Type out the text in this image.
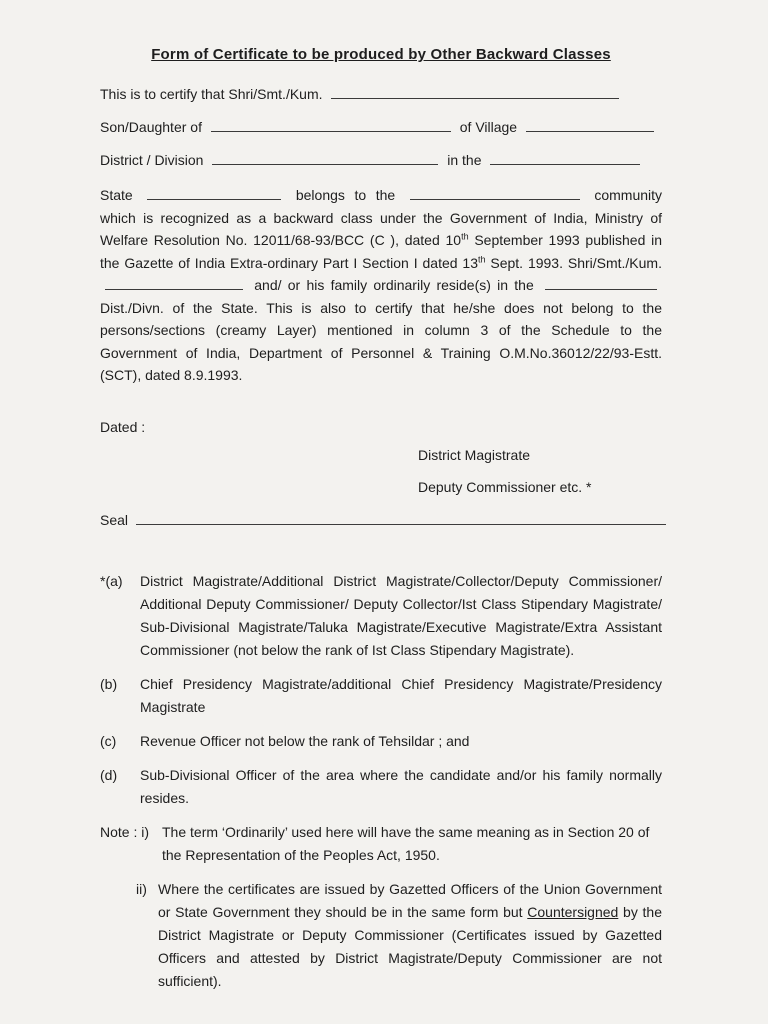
Form of Certificate to be produced by Other Backward Classes

This is to certify that Shri/Smt./Kum.

Son/Daughter of	of Village

District / Division	in the

State	belongs to the	community which is recognized as a backward class under the Government of India, Ministry of Welfare Resolution No. 12011/68-93/BCC (C ), dated 10th September 1993 published in the Gazette of India Extra-ordinary Part I Section I dated 13th Sept. 1993. Shri/Smt./Kum.  and/ or his family ordinarily reside(s) in the  Dist./Divn. of the State. This is also to certify that he/she does not belong to the persons/sections (creamy Layer) mentioned in column 3 of the Schedule to the Government of India, Department of Personnel & Training O.M.No.36012/22/93-Estt.(SCT), dated 8.9.1993.

Dated :

District Magistrate

Deputy Commissioner etc. *

Seal
*(a)	District Magistrate/Additional District Magistrate/Collector/Deputy Commissioner/ Additional Deputy Commissioner/ Deputy Collector/Ist Class Stipendary Magistrate/ Sub-Divisional Magistrate/Taluka Magistrate/Executive Magistrate/Extra Assistant Commissioner (not below the rank of Ist Class Stipendary Magistrate).
(b)	Chief Presidency Magistrate/additional Chief Presidency Magistrate/Presidency Magistrate
(c)	Revenue Officer not below the rank of Tehsildar ; and
(d)	Sub-Divisional Officer of the area where the candidate and/or his family normally resides.
Note : i) The term ‘Ordinarily’ used here will have the same meaning as in Section 20 of the Representation of the Peoples Act, 1950.
ii) Where the certificates are issued by Gazetted Officers of the Union Government or State Government they should be in the same form but Countersigned by the District Magistrate or Deputy Commissioner (Certificates issued by Gazetted Officers and attested by District Magistrate/Deputy Commissioner are not sufficient).
